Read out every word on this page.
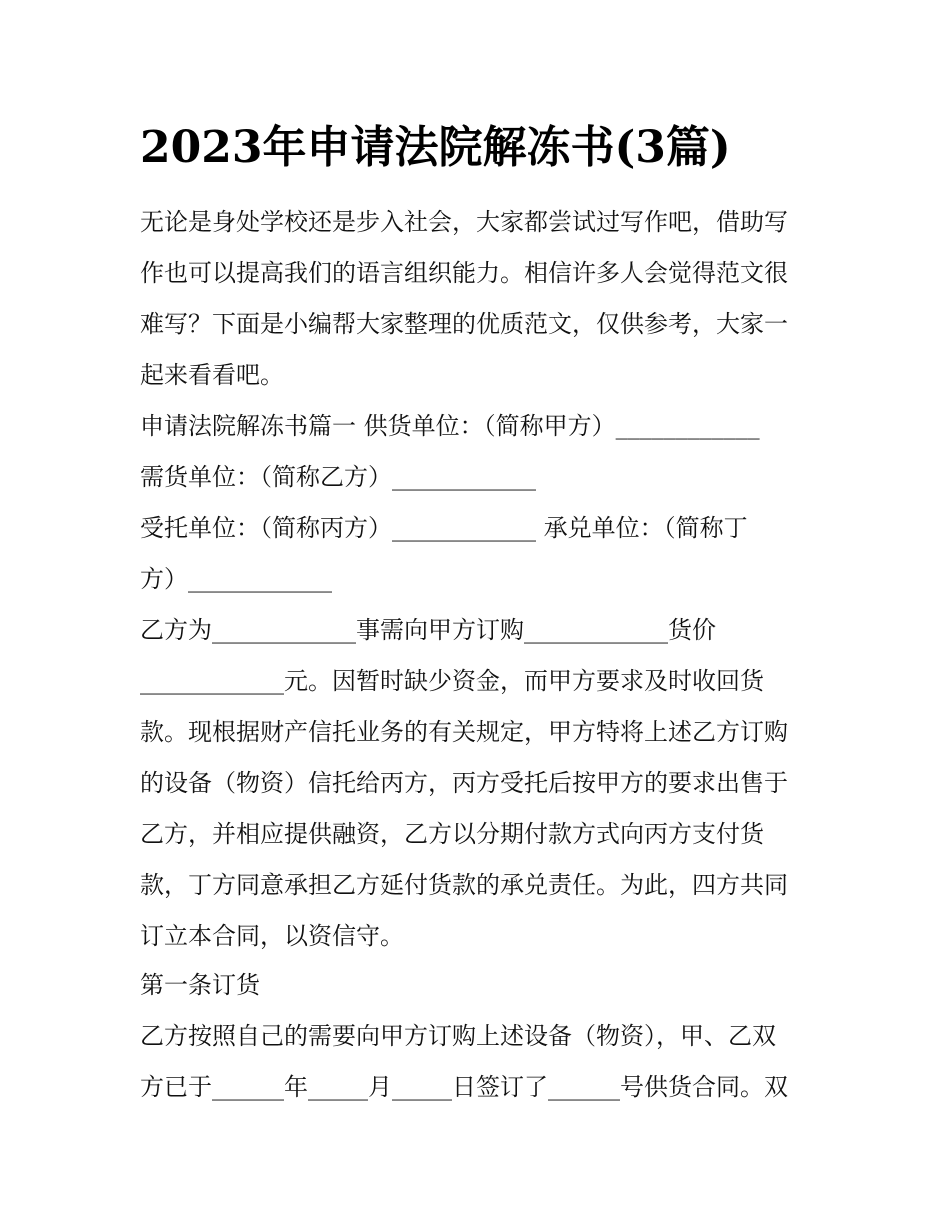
2023年申请法院解冻书(3篇)

无论是身处学校还是步入社会，大家都尝试过写作吧，借助写

作也可以提高我们的语言组织能力。相信许多人会觉得范文很

难写？下面是小编帮大家整理的优质范文，仅供参考，大家一

起来看看吧。

申请法院解冻书篇一 供货单位：（简称甲方）____________

需货单位：（简称乙方）____________

受托单位：（简称丙方）____________ 承兑单位：（简称丁

方）____________

乙方为____________事需向甲方订购____________货价

____________元。因暂时缺少资金，而甲方要求及时收回货

款。现根据财产信托业务的有关规定，甲方特将上述乙方订购

的设备（物资）信托给丙方，丙方受托后按甲方的要求出售于

乙方，并相应提供融资，乙方以分期付款方式向丙方支付货

款，丁方同意承担乙方延付货款的承兑责任。为此，四方共同

订立本合同，以资信守。

第一条订货

乙方按照自己的需要向甲方订购上述设备（物资），甲、乙双

方已于______年_____月_____日签订了______号供货合同。双
